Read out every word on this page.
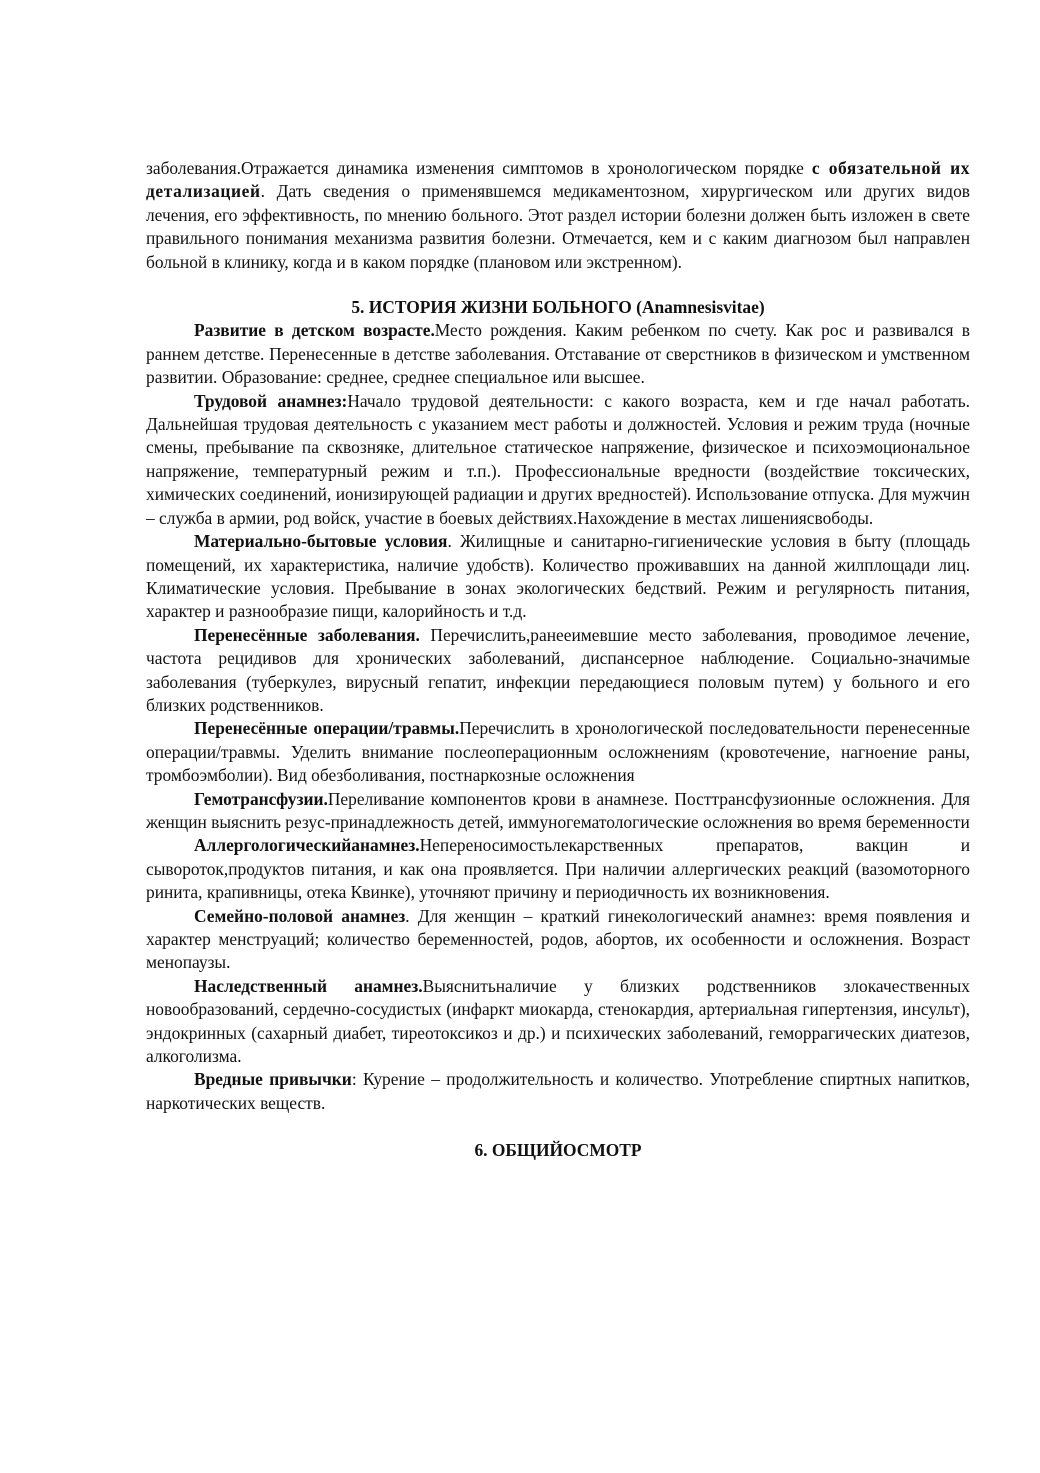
заболевания.Отражается динамика изменения симптомов в хронологическом порядке с обязательной их детализацией. Дать сведения о применявшемся медикаментозном, хирургическом или других видов лечения, его эффективность, по мнению больного. Этот раздел истории болезни должен быть изложен в свете правильного понимания механизма развития болезни. Отмечается, кем и с каким диагнозом был направлен больной в клинику, когда и в каком порядке (плановом или экстренном).

5. ИСТОРИЯ ЖИЗНИ БОЛЬНОГО (Anamnesisvitae)

Развитие в детском возрасте.Место рождения. Каким ребенком по счету. Как рос и развивался в раннем детстве. Перенесенные в детстве заболевания. Отставание от сверстников в физическом и умственном развитии. Образование: среднее, среднее специальное или высшее.

Трудовой анамнез:Начало трудовой деятельности: с какого возраста, кем и где начал работать. Дальнейшая трудовая деятельность с указанием мест работы и должностей. Условия и режим труда (ночные смены, пребывание па сквозняке, длительное статическое напряжение, физическое и психоэмоциональное напряжение, температурный режим и т.п.). Профессиональные вредности (воздействие токсических, химических соединений, ионизирующей радиации и других вредностей). Использование отпуска. Для мужчин – служба в армии, род войск, участие в боевых действиях.Нахождение в местах лишениясвободы.

Материально-бытовые условия. Жилищные и санитарно-гигиенические условия в быту (площадь помещений, их характеристика, наличие удобств). Количество проживавших на данной жилплощади лиц. Климатические условия. Пребывание в зонах экологических бедствий. Режим и регулярность питания, характер и разнообразие пищи, калорийность и т.д.

Перенесённые заболевания. Перечислить,ранееимевшие место заболевания, проводимое лечение, частота рецидивов для хронических заболеваний, диспансерное наблюдение. Социально-значимые заболевания (туберкулез, вирусный гепатит, инфекции передающиеся половым путем) у больного и его близких родственников.

Перенесённые операции/травмы.Перечислить в хронологической последовательности перенесенные операции/травмы. Уделить внимание послеоперационным осложнениям (кровотечение, нагноение раны, тромбоэмболии). Вид обезболивания, постнаркозные осложнения

Гемотрансфузии.Переливание компонентов крови в анамнезе. Посттрансфузионные осложнения. Для женщин выяснить резус-принадлежность детей, иммуногематологические осложнения во время беременности

Аллергологическийанамнез.Непереносимостьлекарственных препаратов, вакцин и сывороток,продуктов питания, и как она проявляется. При наличии аллергических реакций (вазомоторного ринита, крапивницы, отека Квинке), уточняют причину и периодичность их возникновения.

Семейно-половой анамнез. Для женщин – краткий гинекологический анамнез: время появления и характер менструаций; количество беременностей, родов, абортов, их особенности и осложнения. Возраст менопаузы.

Наследственный анамнез.Выяснитьналичие у близких родственников злокачественных новообразований, сердечно-сосудистых (инфаркт миокарда, стенокардия, артериальная гипертензия, инсульт), эндокринных (сахарный диабет, тиреотоксикоз и др.) и психических заболеваний, геморрагических диатезов, алкоголизма.

Вредные привычки: Курение – продолжительность и количество. Употребление спиртных напитков, наркотических веществ.

6. ОБЩИЙОСМОТР
